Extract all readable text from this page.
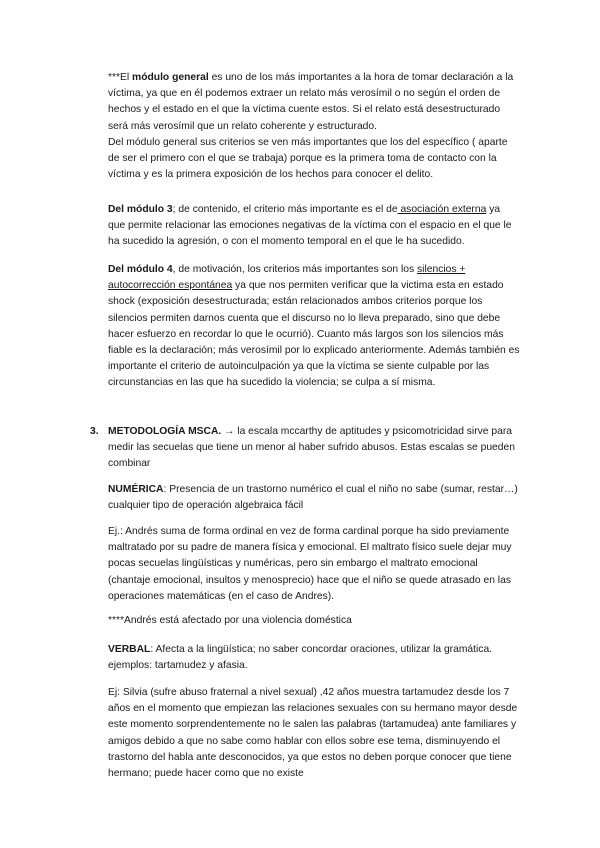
***El módulo general es uno de los más importantes a la hora de tomar declaración a la víctima, ya que en él podemos extraer un relato más verosímil o no según el orden de hechos y el estado en el que la víctima cuente estos. Si el relato está desestructurado será más verosímil que un relato coherente y estructurado.
Del módulo general sus criterios se ven más importantes que los del específico ( aparte de ser el primero con el que se trabaja) porque es la primera toma de contacto con la víctima y es la primera exposición de los hechos para conocer el delito.

Del módulo 3; de contenido, el criterio más importante es el de asociación externa ya que permite relacionar las emociones negativas de la víctima con el espacio en el que le ha sucedido la agresión, o con el momento temporal en el que le ha sucedido.

Del módulo 4, de motivación, los criterios más importantes son los silencios + autocorrección espontánea ya que nos permiten verificar que la victima esta en estado shock (exposición desestructurada; están relacionados ambos criterios porque los silencios permiten darnos cuenta que el discurso no lo lleva preparado, sino que debe hacer esfuerzo en recordar lo que le ocurrió). Cuanto más largos son los silencios más fiable es la declaración; más verosímil por lo explicado anteriormente. Además también es importante el criterio de autoinculpación ya que la víctima se siente culpable por las circunstancias en las que ha sucedido la violencia; se culpa a sí misma.

3. METODOLOGÍA MSCA. → la escala mccarthy de aptitudes y psicomotricidad sirve para medir las secuelas que tiene un menor al haber sufrido abusos. Estas escalas se pueden combinar

NUMÉRICA: Presencia de un trastorno numérico el cual el niño no sabe (sumar, restar…) cualquier tipo de operación algebraica fácil

Ej.: Andrés suma de forma ordinal en vez de forma cardinal porque ha sido previamente maltratado por su padre de manera física y emocional. El maltrato físico suele dejar muy pocas secuelas lingüísticas y numéricas, pero sin embargo el maltrato emocional (chantaje emocional, insultos y menosprecio) hace que el niño se quede atrasado en las operaciones matemáticas (en el caso de Andres).

****Andrés está afectado por una violencia doméstica

VERBAL: Afecta a la lingüística; no saber concordar oraciones, utilizar la gramática. ejemplos: tartamudez y afasia.

Ej: Silvia (sufre abuso fraternal a nivel sexual) ,42 años muestra tartamudez desde los 7 años en el momento que empiezan las relaciones sexuales con su hermano mayor desde este momento sorprendentemente no le salen las palabras (tartamudea) ante familiares y amigos debido a que no sabe como hablar con ellos sobre ese tema, disminuyendo el trastorno del habla ante desconocidos, ya que estos no deben porque conocer que tiene hermano; puede hacer como que no existe
